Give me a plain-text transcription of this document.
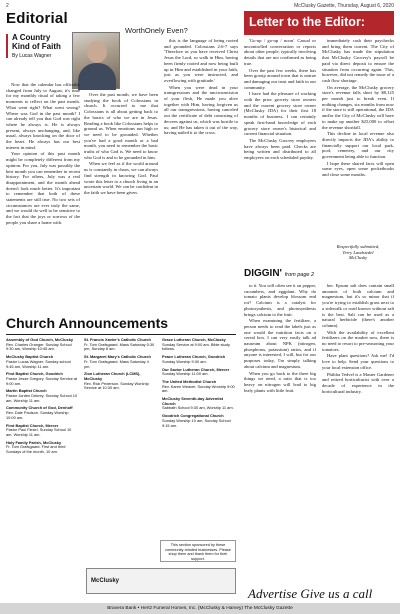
2	McClusky Gazette, Thursday, August 6, 2020
Editorial	Letter to the Editor:
A Country Kind of Faith
By Lucas Wagner
WorthOnely Even?

Now that the calendar has officially changed from July to August, it's time for my monthly ritual of taking a few moments to reflect on the past month. What went right? What went wrong? Where was God in the past month? I can already tell you that God was right where he always is. He is always present, always unchanging, and, like usual, always knocking on the door of the heart. He always has our best interest in mind.

Your opinion of this past month might be completely different from my opinion. For you, July was possibly the best month you can remember in recent history. For others, July was a real disappointment, and the month ahead doesn't look much better. It's important to remember that both of these statements are still true. No two sets of circumstances are ever truly the same, and we would do well to be sensitive to the fact that the joys or sorrows of the people you share a home with.

Over the past month, we have been studying the book of Colossians in church. It occurred to me that Colossians is all about getting back to the basics of who we are in Jesus. Reading a book like Colossians helps to ground us. When emotions run high or we need to be grounded. Whether you've had a good month or a bad month, you need to remember the basic truths of who God is. We need to know who God is and to be grounded in him.

When we feel as if the world around us is constantly in chaos, we can always find strength in knowing God. Paul wrote this letter to a church living in an uncertain world. We can be confident in the faith we have been given.

this is the language of being rooted and grounded. Colossians 2:6-7 says 'Therefore as you have received Christ Jesus the Lord, so walk in Him, having been firmly rooted and now being built up in Him and established in your faith, just as you were instructed, and overflowing with gratitude.'

When you were dead in your transgressions and the uncircumcision of your flesh, He made you alive together with Him, having forgiven us all our transgressions, having canceled out the certificate of debt consisting of decrees against us, which was hostile to us; and He has taken it out of the way, having nailed it to the cross.

'Go-up / go-up / noon'. Casual or uncontrolled conversation or reports about other people, typically involving details that are not confirmed as being true.

Over the past few weeks, there has been gossip around town that is untrue and damaging our trust and faith in our community.

I have had the pleasure of working with the prior grocery store owners and the current grocery store owner (McClusky JDA) for their first 18 months of business. I can certainly speak first-hand knowledge of each grocery store owner's historical and current financial situation.

The McClusky Grocery employees have always been paid. Checks are being written and distributed to all employees on each scheduled payday.

immediately cash their paychecks and bring them current. The City of McClusky has made the stipulation that McClusky Grocery's payroll be paid via direct deposit to ensure the situation from occurring again. This, however, did not remedy the issue of a cash flow shortage.

On average, the McClusky grocery store's revenue falls short by $8,125 per month just to break even. If nothing changes, six months from now if the store is still operational, the JDA and/or the City of McClusky will have to make up another $25,000 to offset the revenue shortfall.

This decline in local revenue also directly impacts the JDA's ability to financially support our local park, pool, cemetery, and our city government being able to function.

I hope these shared facts will open some eyes, open some pocketbooks and close some mouths.

Respectfully submitted,
Terry Landsiedel
McClusky
DIGGIN' from page 2

to it. You will often see it on pepper, cucumbers, and eggplant. Why do tomato plants develop blossom end rot? Calcium is a catalyst for photosynthesis, and photosynthesis brings calcium to the fruit.

When examining the fertilizer, a person needs to read the labels just as one would the nutrition facts on a cereal box. I can very easily talk ad nauseum about NPK (nitrogen, phosphorus, potassium) ratios, and if anyone is interested, I will, but for our purposes today, I'm simply talking about calcium and magnesium.

When you go back to the three big things we need, a ratio that is too heavy on nitrogen will lead to big leafy plants with little fruit.

her. Epsom salt does contain small amounts of both calcium and magnesium, but it's so minor that if you're trying to establish grass next to a sidewalk or road known without salt is the best. Salt can be used as a natural herbicide (there's another column).

With the availability of excellent fertilizers on the market now, there is no need to resort to pre-seasoning your tomatoes.

Have plant questions? Ask me! I'd love to help. Send your questions to your local extension office.

Phildra Tedvel is a Master Gardener and retired horticulturist with over a decade of experience in the horticultural industry.

Church Announcements
Assembly of God Church, McClusky
Rev. Charles Granger. Sunday School 9:30 am, Worship 10:45 am.
McClusky Baptist Church
Pastor Lucas Wagner. Sunday school 9:45 am, Worship 11 am.
First Baptist Church, Goodrich
Pastor Jesse Gregory. Sunday Service at 9:00 am.
Martin Baptist Church
Pastor Jorden Dekrey. Sunday School 10 am, Worship 11 am.
Community Church of God, Denhoff
Rev. Dale Paulson. Sunday Worship 10:00 am.
First Baptist Church, Mercer
Pastor Paul Fiesel. Sunday School 10 am, Worship 11 am.
Holy Family Parish, McClusky
Fr. Tom Grafsgaard. First and third Sundays of the month, 10 am.
St. Francis Xavier's Catholic Church
Fr. Tom Grafsgaard. Mass Saturday 5:30 pm, Sunday 8 am.
St. Margaret Mary's Catholic Church
Fr. Tom Grafsgaard. Mass Saturday 4 pm.
Zion Lutheran Church (LCMS), McClusky
Rev. Rick Pederson. Sunday Worship Service at 10:30 am.
Grace Lutheran Church, McClusky
Sunday Service at 9:00 am. Bible study follows.
Peace Lutheran Church, Goodrich
Sunday Worship 9:30 am.
Our Savior Lutheran Church, Mercer
Sunday Worship 11:00 am.
The United Methodist Church
Rev. Karen Weaver. Sunday Worship 9:00 am.
McClusky Seventh-day Adventist Church
Sabbath School 9:30 am, Worship 11 am.
Goodrich Congregational Church
Sunday Worship 10 am, Sunday School 9:15 am.
This section sponsored by these community-minded businesses. Please shop them and thank them for their support.
McClusky
Advertise Give us a call
Bravera Bank • Hertz Funeral Homes, Inc. (McClusky & Harvey) The McClusky Gazette
